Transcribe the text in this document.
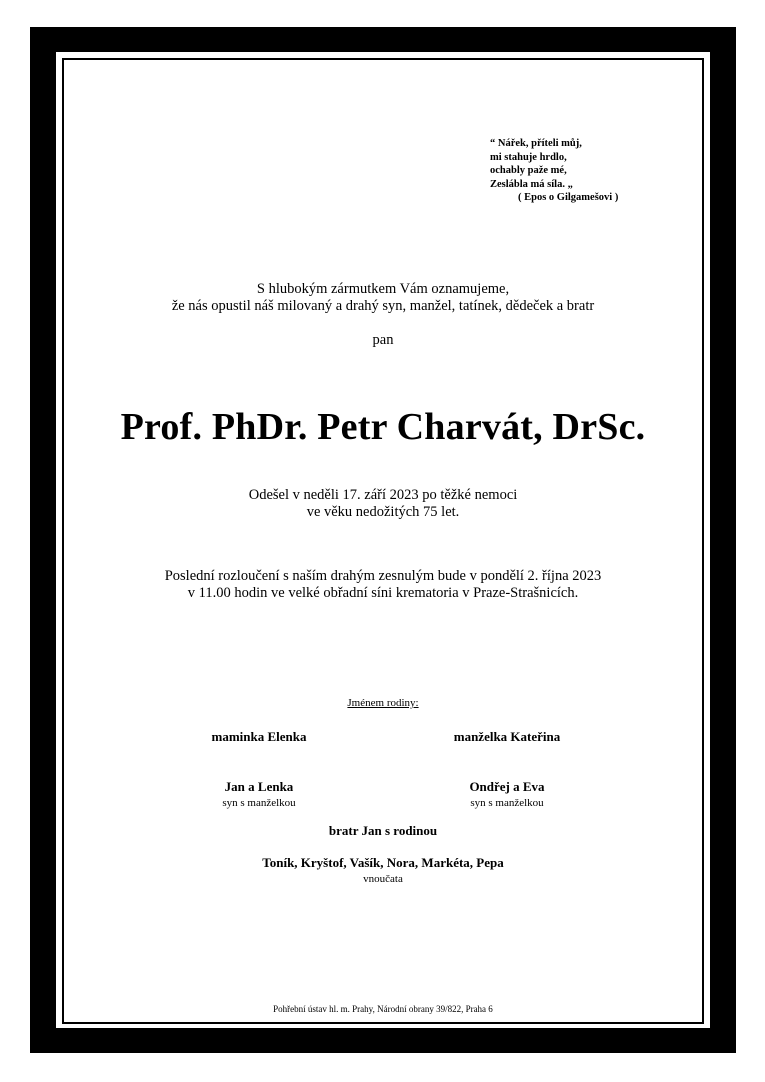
“ Nářek, příteli můj,
mi stahuje hrdlo,
ochably paže mé,
Zeslábla má síla. „
( Epos o Gilgamešovi )
S hlubokým zármutkem Vám oznamujeme,
že nás opustil náš milovaný a drahý syn, manžel, tatínek, dědeček a bratr
pan
Prof. PhDr. Petr Charvát, DrSc.
Odešel v neděli 17. září 2023 po těžké nemoci
ve věku nedožitých 75 let.
Poslední rozloučení s naším drahým zesnulým bude v pondělí 2. října 2023
v 11.00 hodin ve velké obřadní síni krematoria v Praze-Strašnicích.
Jménem rodiny:
maminka Elenka	manželka Kateřina
Jan a Lenka
syn s manželkou
Ondřej a Eva
syn s manželkou
bratr Jan s rodinou
Toník, Kryštof, Vašík, Nora, Markéta, Pepa
vnoučata
Pohřební ústav hl. m. Prahy, Národní obrany 39/822, Praha 6
